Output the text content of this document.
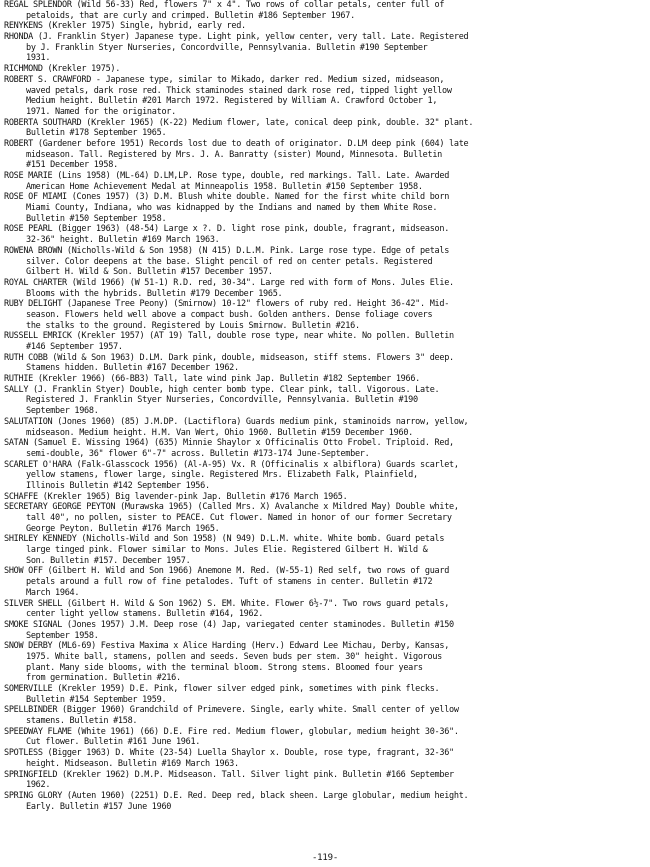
REGAL SPLENDOR (Wild 56-33) Red, flowers 7" x 4". Two rows of collar petals, center full of
petaloids, that are curly and crimped. Bulletin #186 September 1967.
RENYKENS (Krekler 1975) Single, hybrid, early red.
RHONDA (J. Franklin Styer) Japanese type. Light pink, yellow center, very tall. Late. Registered
by J. Franklin Styer Nurseries, Concordville, Pennsylvania. Bulletin #190 September
1931.
RICHMOND (Krekler 1975).
ROBERT S. CRAWFORD - Japanese type, similar to Mikado, darker red. Medium sized, midseason,
waved petals, dark rose red. Thick staminodes stained dark rose red, tipped light yellow
Medium height. Bulletin #201 March 1972. Registered by William A. Crawford October 1,
1971. Named for the originator.
ROBERTA SOUTHARD (Krekler 1965) (K-22) Medium flower, late, conical deep pink, double. 32" plant.
Bulletin #178 September 1965.
ROBERT (Gardener before 1951) Records lost due to death of originator. D.LM deep pink (604) late
midseason. Tall. Registered by Mrs. J. A. Banratty (sister) Mound, Minnesota. Bulletin
#151 December 1958.
ROSE MARIE (Lins 1958) (ML-64) D.LM,LP. Rose type, double, red markings. Tall. Late. Awarded
American Home Achievement Medal at Minneapolis 1958. Bulletin #150 September 1958.
ROSE OF MIAMI (Cones 1957) (3) D.M. Blush white double. Named for the first white child born
Miami County, Indiana, who was kidnapped by the Indians and named by them White Rose.
Bulletin #150 September 1958.
ROSE PEARL (Bigger 1963) (48-54) Large x ?. D. light rose pink, double, fragrant, midseason.
32-36" height. Bulletin #169 March 1963.
ROWENA BROWN (Nicholls-Wild & Son 1958) (N 415) D.L.M. Pink. Large rose type. Edge of petals
silver. Color deepens at the base. Slight pencil of red on center petals. Registered
Gilbert H. Wild & Son. Bulletin #157 December 1957.
ROYAL CHARTER (Wild 1966) (W 51-1) R.D. red, 30-34". Large red with form of Mons. Jules Elie.
Blooms with the hybrids. Bulletin #179 December 1965.
RUBY DELIGHT (Japanese Tree Peony) (Smirnow) 10-12" flowers of ruby red. Height 36-42". Mid-
season. Flowers held well above a compact bush. Golden anthers. Dense foliage covers
the stalks to the ground. Registered by Louis Smirnow. Bulletin #216.
RUSSELL EMRICK (Krekler 1957) (AT 19) Tall, double rose type, near white. No pollen. Bulletin
#146 September 1957.
RUTH COBB (Wild & Son 1963) D.LM. Dark pink, double, midseason, stiff stems. Flowers 3" deep.
Stamens hidden. Bulletin #167 December 1962.
RUTHIE (Krekler 1966) (66-BB3) Tall, late wind pink Jap. Bulletin #182 September 1966.
SALLY (J. Franklin Styer) Double, high center bomb type. Clear pink, tall. Vigorous. Late.
Registered J. Franklin Styer Nurseries, Concordville, Pennsylvania. Bulletin #190
September 1968.
SALUTATION (Jones 1960) (85) J.M.DP. (Lactiflora) Guards medium pink, staminoids narrow, yellow,
midseason. Medium height. H.M. Van Wert, Ohio 1960. Bulletin #159 December 1960.
SATAN (Samuel E. Wissing 1964) (635) Minnie Shaylor x Officinalis Otto Frobel. Triploid. Red,
semi-double, 36" flower 6"-7" across. Bulletin #173-174 June-September.
SCARLET O'HARA (Falk-Glasscock 1956) (Al-A-95) Vx. R (Officinalis x albiflora) Guards scarlet,
yellow stamens, flower large, single. Registered Mrs. Elizabeth Falk, Plainfield,
Illinois Bulletin #142 September 1956.
SCHAFFE (Krekler 1965) Big lavender-pink Jap. Bulletin #176 March 1965.
SECRETARY GEORGE PEYTON (Murawska 1965) (Called Mrs. X) Avalanche x Mildred May) Double white,
tall 40", no pollen, sister to PEACE. Cut flower. Named in honor of our former Secretary
George Peyton. Bulletin #176 March 1965.
SHIRLEY KENNEDY (Nicholls-Wild and Son 1958) (N 949) D.L.M. white. White bomb. Guard petals
large tinged pink. Flower similar to Mons. Jules Elie. Registered Gilbert H. Wild &
Son. Bulletin #157. December 1957.
SHOW OFF (Gilbert H. Wild and Son 1966) Anemone M. Red. (W-55-1) Red self, two rows of guard
petals around a full row of fine petalodes. Tuft of stamens in center. Bulletin #172
March 1964.
SILVER SHELL (Gilbert H. Wild & Son 1962) S. EM. White. Flower 6½-7". Two rows guard petals,
center light yellow stamens. Bulletin #164, 1962.
SMOKE SIGNAL (Jones 1957) J.M. Deep rose (4) Jap, variegated center staminodes. Bulletin #150
September 1958.
SNOW DERBY (ML6-69) Festiva Maxima x Alice Harding (Herv.) Edward Lee Michau, Derby, Kansas,
1975. White ball, stamens, pollen and seeds. Seven buds per stem. 30" height. Vigorous
plant. Many side blooms, with the terminal bloom. Strong stems. Bloomed four years
from germination. Bulletin #216.
SOMERVILLE (Krekler 1959) D.E. Pink, flower silver edged pink, sometimes with pink flecks.
Bulletin #154 September 1959.
SPELLBINDER (Bigger 1960) Grandchild of Primevere. Single, early white. Small center of yellow
stamens. Bulletin #158.
SPEEDWAY FLAME (White 1961) (66) D.E. Fire red. Medium flower, globular, medium height 30-36".
Cut flower. Bulletin #161 June 1961.
SPOTLESS (Bigger 1963) D. White (23-54) Luella Shaylor x. Double, rose type, fragrant, 32-36"
height. Midseason. Bulletin #169 March 1963.
SPRINGFIELD (Krekler 1962) D.M.P. Midseason. Tall. Silver light pink. Bulletin #166 September
1962.
SPRING GLORY (Auten 1960) (2251) D.E. Red. Deep red, black sheen. Large globular, medium height.
Early. Bulletin #157 June 1960
-119-
